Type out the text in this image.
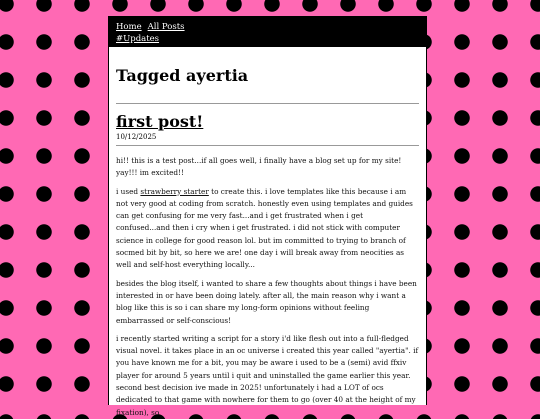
Home All Posts
#Updates
Tagged ayertia
first post!
10/12/2025

hi!! this is a test post...if all goes well, i finally have a blog set up for my site! yay!!! im excited!!

i used strawberry starter to create this. i love templates like this because i am not very good at coding from scratch. honestly even using templates and guides can get confusing for me very fast...and i get frustrated when i get confused...and then i cry when i get frustrated. i did not stick with computer science in college for good reason lol. but im committed to trying to branch of socmed bit by bit, so here we are! one day i will break away from neocities as well and self-host everything locally...

besides the blog itself, i wanted to share a few thoughts about things i have been interested in or have been doing lately. after all, the main reason why i want a blog like this is so i can share my long-form opinions without feeling embarrassed or self-conscious!

i recently started writing a script for a story i'd like flesh out into a full-fledged visual novel. it takes place in an oc universe i created this year called "ayertia". if you have known me for a bit, you may be aware i used to be a (semi) avid ffxiv player for around 5 years until i quit and uninstalled the game earlier this year. second best decision ive made in 2025! unfortunately i had a LOT of ocs dedicated to that game with nowhere for them to go (over 40 at the height of my fixation), so
